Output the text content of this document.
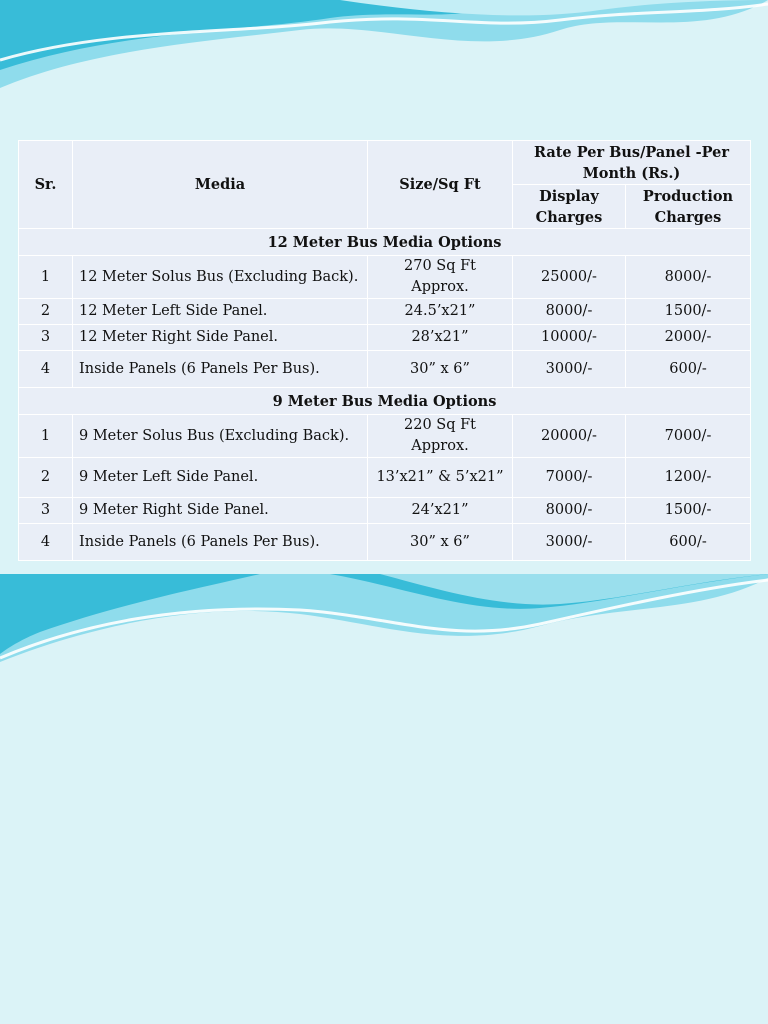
Sr.	Media	Size/Sq Ft	Rate Per Bus/Panel -Per Month (Rs.)	
			Display Charges	Production Charges
12 Meter Bus Media Options				
1	12 Meter Solus Bus (Excluding Back).	270 Sq Ft Approx.	25000/-	8000/-
2	12 Meter Left Side Panel.	24.5’x21”	8000/-	1500/-
3	12 Meter Right Side Panel.	28’x21”	10000/-	2000/-
4	Inside Panels (6 Panels Per Bus).	30” x 6”	3000/-	600/-
9 Meter Bus Media Options				
1	9 Meter Solus Bus (Excluding Back).	220 Sq Ft Approx.	20000/-	7000/-
2	9 Meter Left Side Panel.	13’x21” & 5’x21”	7000/-	1200/-
3	9 Meter Right Side Panel.	24’x21”	8000/-	1500/-
4	Inside Panels (6 Panels Per Bus).	30” x 6”	3000/-	600/-
